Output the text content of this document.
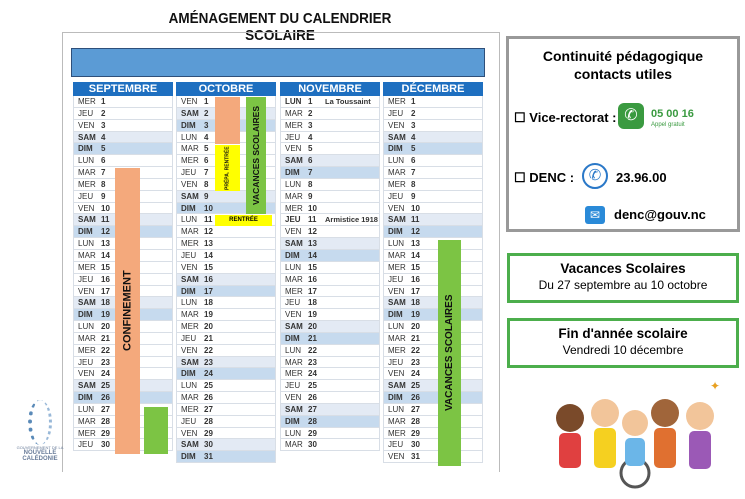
AMÉNAGEMENT DU CALENDRIER SCOLAIRE
SEPTEMBRE
MER 1
JEU 2
VEN 3
SAM 4
DIM 5
LUN 6
MAR 7
MER 8
JEU 9
VEN 10
SAM 11
DIM 12
LUN 13
MAR 14
MER 15
JEU 16
VEN 17
SAM 18
DIM 19
LUN 20
MAR 21
MER 22
JEU 23
VEN 24
SAM 25
DIM 26
LUN 27
MAR 28
MER 29
JEU 30
OCTOBRE
VEN 1
SAM 2
DIM 3
LUN 4
MAR 5
MER 6
JEU 7
VEN 8
SAM 9
DIM 10
LUN 11
MAR 12
MER 13
JEU 14
VEN 15
SAM 16
DIM 17
LUN 18
MAR 19
MER 20
JEU 21
VEN 22
SAM 23
DIM 24
LUN 25
MAR 26
MER 27
JEU 28
VEN 29
SAM 30
DIM 31
NOVEMBRE
LUN 1 La Toussaint
MAR 2
MER 3
JEU 4
VEN 5
SAM 6
DIM 7
LUN 8
MAR 9
MER 10
JEU 11 Armistice 1918
VEN 12
SAM 13
DIM 14
LUN 15
MAR 16
MER 17
JEU 18
VEN 19
SAM 20
DIM 21
LUN 22
MAR 23
MER 24
JEU 25
VEN 26
SAM 27
DIM 28
LUN 29
MAR 30
DÉCEMBRE
MER 1
JEU 2
VEN 3
SAM 4
DIM 5
LUN 6
MAR 7
MER 8
JEU 9
VEN 10
SAM 11
DIM 12
LUN 13
MAR 14
MER 15
JEU 16
VEN 17
SAM 18
DIM 19
LUN 20
MAR 21
MER 22
JEU 23
VEN 24
SAM 25
DIM 26
LUN 27
MAR 28
MER 29
JEU 30
VEN 31
CONFINEMENT
PRÉPA. RENTRÉE VACANCES SCOLAIRES
RENTRÉE
VACANCES SCOLAIRES
Continuité pédagogique
contacts utiles
☐ Vice-rectorat : ✆	05 00 16
Appel gratuit
☐ DENC : ✆	23.96.00
✉	denc@gouv.nc
Vacances Scolaires
Du 27 septembre au 10 octobre
Fin d'année scolaire
Vendredi 10 décembre
✦
GOUVERNEMENT DE LA
NOUVELLE
CALÉDONIE
